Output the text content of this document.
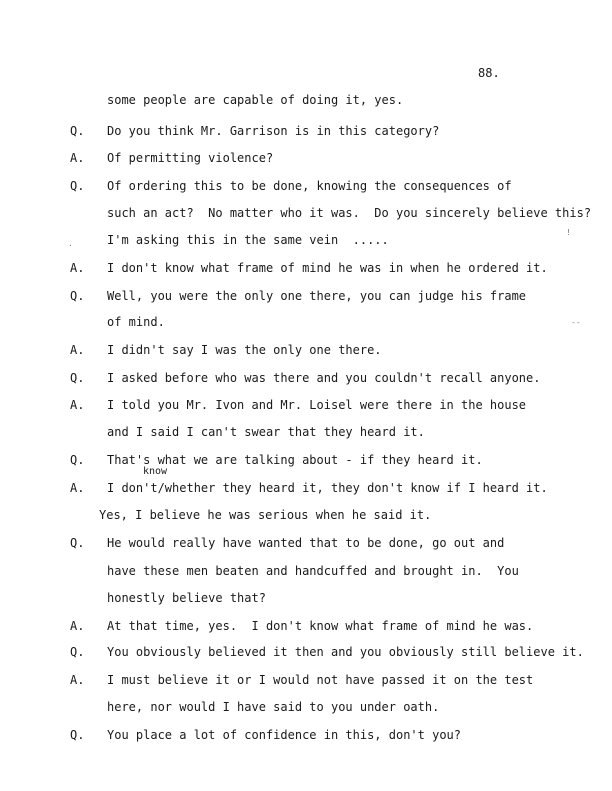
88.
some people are capable of doing it, yes.
Q. Do you think Mr. Garrison is in this category?
A. Of permitting violence?
Q. Of ordering this to be done, knowing the consequences of
such an act?  No matter who it was.  Do you sincerely believe this?
I'm asking this in the same vein  .....
A. I don't know what frame of mind he was in when he ordered it.
Q. Well, you were the only one there, you can judge his frame
of mind.
A. I didn't say I was the only one there.
Q. I asked before who was there and you couldn't recall anyone.
A. I told you Mr. Ivon and Mr. Loisel were there in the house
and I said I can't swear that they heard it.
Q. That's what we are talking about - if they heard it.
know
A. I don't/whether they heard it, they don't know if I heard it.
Yes, I believe he was serious when he said it.
Q. He would really have wanted that to be done, go out and
have these men beaten and handcuffed and brought in.  You
honestly believe that?
A. At that time, yes.  I don't know what frame of mind he was.
Q. You obviously believed it then and you obviously still believe it.
A. I must believe it or I would not have passed it on the test
here, nor would I have said to you under oath.
Q. You place a lot of confidence in this, don't you?
·
--
!
